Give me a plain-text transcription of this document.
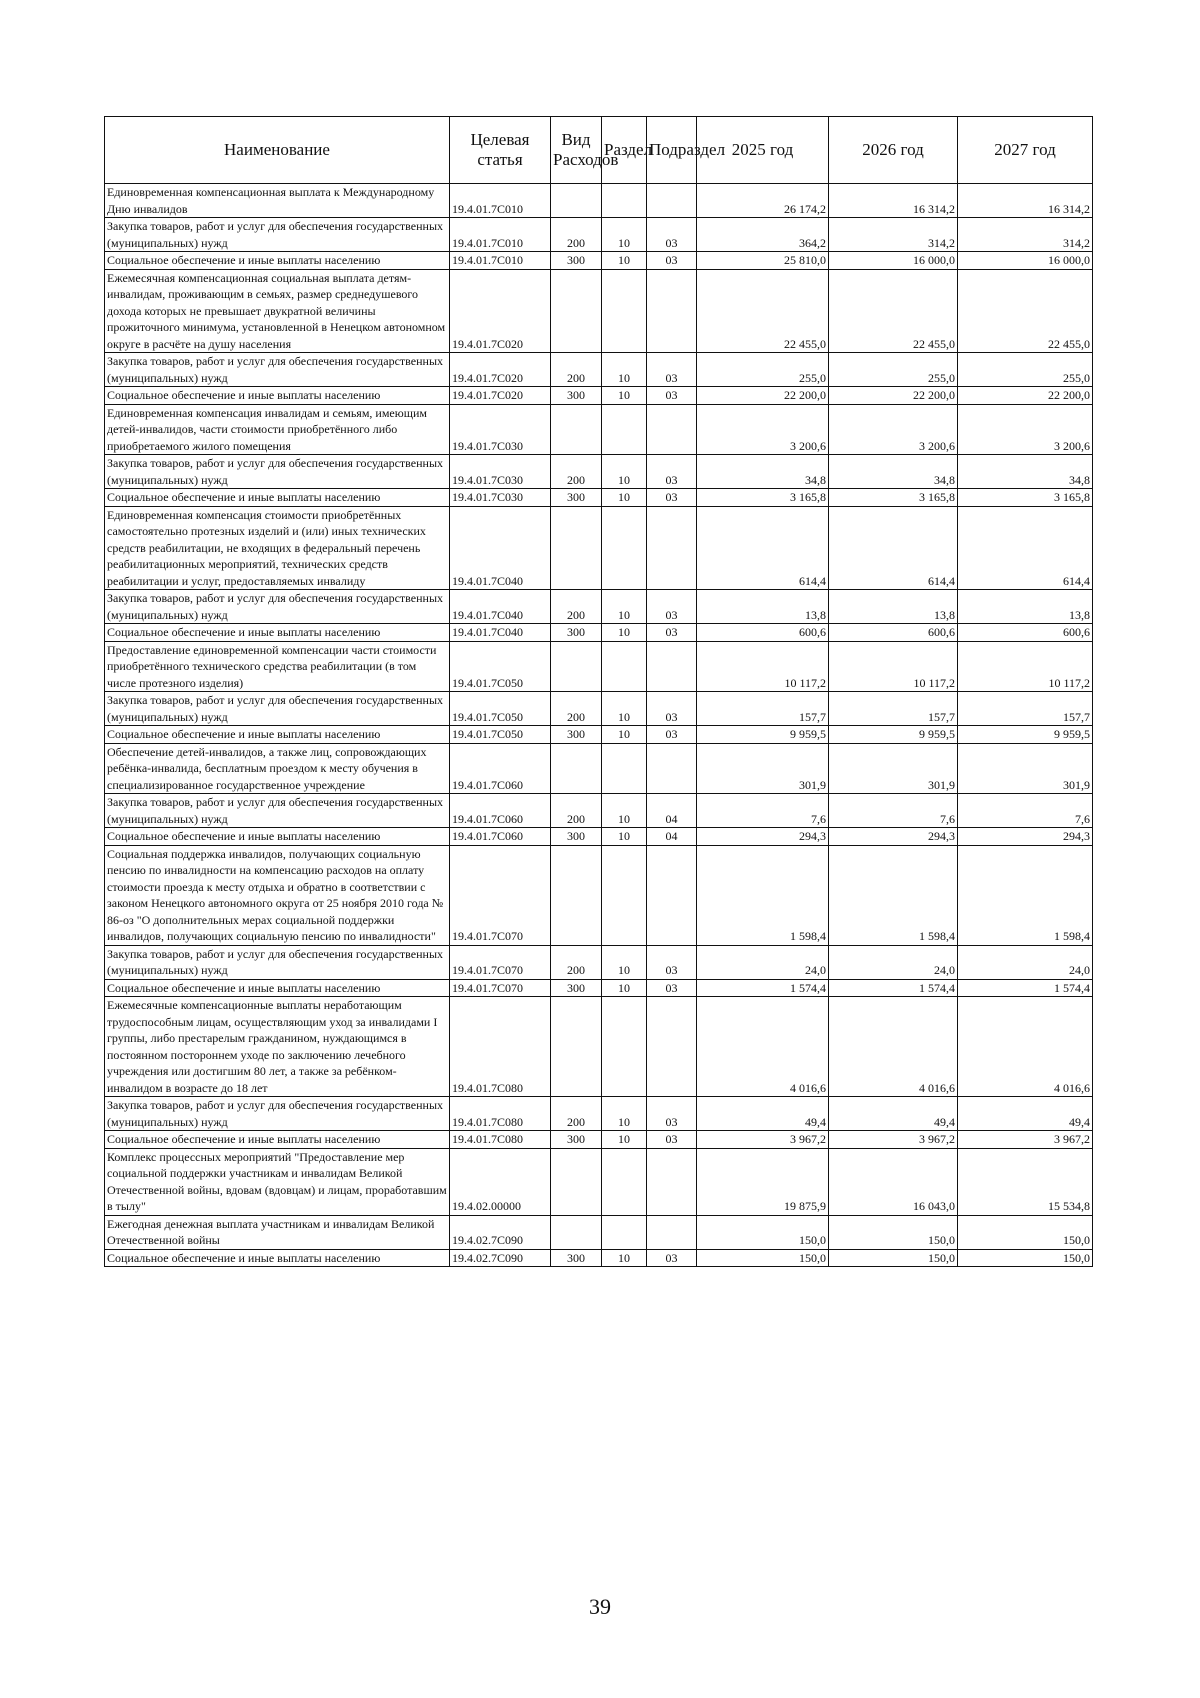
Наименование	Целевая статья	Вид Расходов	Раздел	Подраздел	2025 год	2026 год	2027 год
Единовременная компенсационная выплата к Международному Дню инвалидов	19.4.01.7С010				26 174,2	16 314,2	16 314,2
Закупка товаров, работ и услуг для обеспечения государственных (муниципальных) нужд	19.4.01.7С010	200	10	03	364,2	314,2	314,2
Социальное обеспечение и иные выплаты населению	19.4.01.7С010	300	10	03	25 810,0	16 000,0	16 000,0
Ежемесячная компенсационная социальная выплата детям-инвалидам, проживающим в семьях, размер среднедушевого дохода которых не превышает двукратной величины прожиточного минимума, установленной в Ненецком автономном округе в расчёте на душу населения	19.4.01.7С020				22 455,0	22 455,0	22 455,0
Закупка товаров, работ и услуг для обеспечения государственных (муниципальных) нужд	19.4.01.7С020	200	10	03	255,0	255,0	255,0
Социальное обеспечение и иные выплаты населению	19.4.01.7С020	300	10	03	22 200,0	22 200,0	22 200,0
Единовременная компенсация инвалидам и семьям, имеющим детей-инвалидов, части стоимости приобретённого либо приобретаемого жилого помещения	19.4.01.7С030				3 200,6	3 200,6	3 200,6
Закупка товаров, работ и услуг для обеспечения государственных (муниципальных) нужд	19.4.01.7С030	200	10	03	34,8	34,8	34,8
Социальное обеспечение и иные выплаты населению	19.4.01.7С030	300	10	03	3 165,8	3 165,8	3 165,8
Единовременная компенсация стоимости приобретённых самостоятельно протезных изделий и (или) иных технических средств реабилитации, не входящих в федеральный перечень реабилитационных мероприятий, технических средств реабилитации и услуг, предоставляемых инвалиду	19.4.01.7С040				614,4	614,4	614,4
Закупка товаров, работ и услуг для обеспечения государственных (муниципальных) нужд	19.4.01.7С040	200	10	03	13,8	13,8	13,8
Социальное обеспечение и иные выплаты населению	19.4.01.7С040	300	10	03	600,6	600,6	600,6
Предоставление единовременной компенсации части стоимости приобретённого технического средства реабилитации (в том числе протезного изделия)	19.4.01.7С050				10 117,2	10 117,2	10 117,2
Закупка товаров, работ и услуг для обеспечения государственных (муниципальных) нужд	19.4.01.7С050	200	10	03	157,7	157,7	157,7
Социальное обеспечение и иные выплаты населению	19.4.01.7С050	300	10	03	9 959,5	9 959,5	9 959,5
Обеспечение детей-инвалидов, а также лиц, сопровождающих ребёнка-инвалида, бесплатным проездом к месту обучения в специализированное государственное учреждение	19.4.01.7С060				301,9	301,9	301,9
Закупка товаров, работ и услуг для обеспечения государственных (муниципальных) нужд	19.4.01.7С060	200	10	04	7,6	7,6	7,6
Социальное обеспечение и иные выплаты населению	19.4.01.7С060	300	10	04	294,3	294,3	294,3
Социальная поддержка инвалидов, получающих социальную пенсию по инвалидности на компенсацию расходов на оплату стоимости проезда к месту отдыха и обратно в соответствии с законом Ненецкого автономного округа от 25 ноября 2010 года № 86-оз "О дополнительных мерах социальной поддержки инвалидов, получающих социальную пенсию по инвалидности"	19.4.01.7С070				1 598,4	1 598,4	1 598,4
Закупка товаров, работ и услуг для обеспечения государственных (муниципальных) нужд	19.4.01.7С070	200	10	03	24,0	24,0	24,0
Социальное обеспечение и иные выплаты населению	19.4.01.7С070	300	10	03	1 574,4	1 574,4	1 574,4
Ежемесячные компенсационные выплаты неработающим трудоспособным лицам, осуществляющим уход за инвалидами I группы, либо престарелым гражданином, нуждающимся в постоянном постороннем уходе по заключению лечебного учреждения или достигшим 80 лет, а также за ребёнком-инвалидом в возрасте до 18 лет	19.4.01.7С080				4 016,6	4 016,6	4 016,6
Закупка товаров, работ и услуг для обеспечения государственных (муниципальных) нужд	19.4.01.7С080	200	10	03	49,4	49,4	49,4
Социальное обеспечение и иные выплаты населению	19.4.01.7С080	300	10	03	3 967,2	3 967,2	3 967,2
Комплекс процессных мероприятий "Предоставление мер социальной поддержки участникам и инвалидам Великой Отечественной войны, вдовам (вдовцам) и лицам, проработавшим в тылу"	19.4.02.00000				19 875,9	16 043,0	15 534,8
Ежегодная денежная выплата участникам и инвалидам Великой Отечественной войны	19.4.02.7С090				150,0	150,0	150,0
Социальное обеспечение и иные выплаты населению	19.4.02.7С090	300	10	03	150,0	150,0	150,0
39
